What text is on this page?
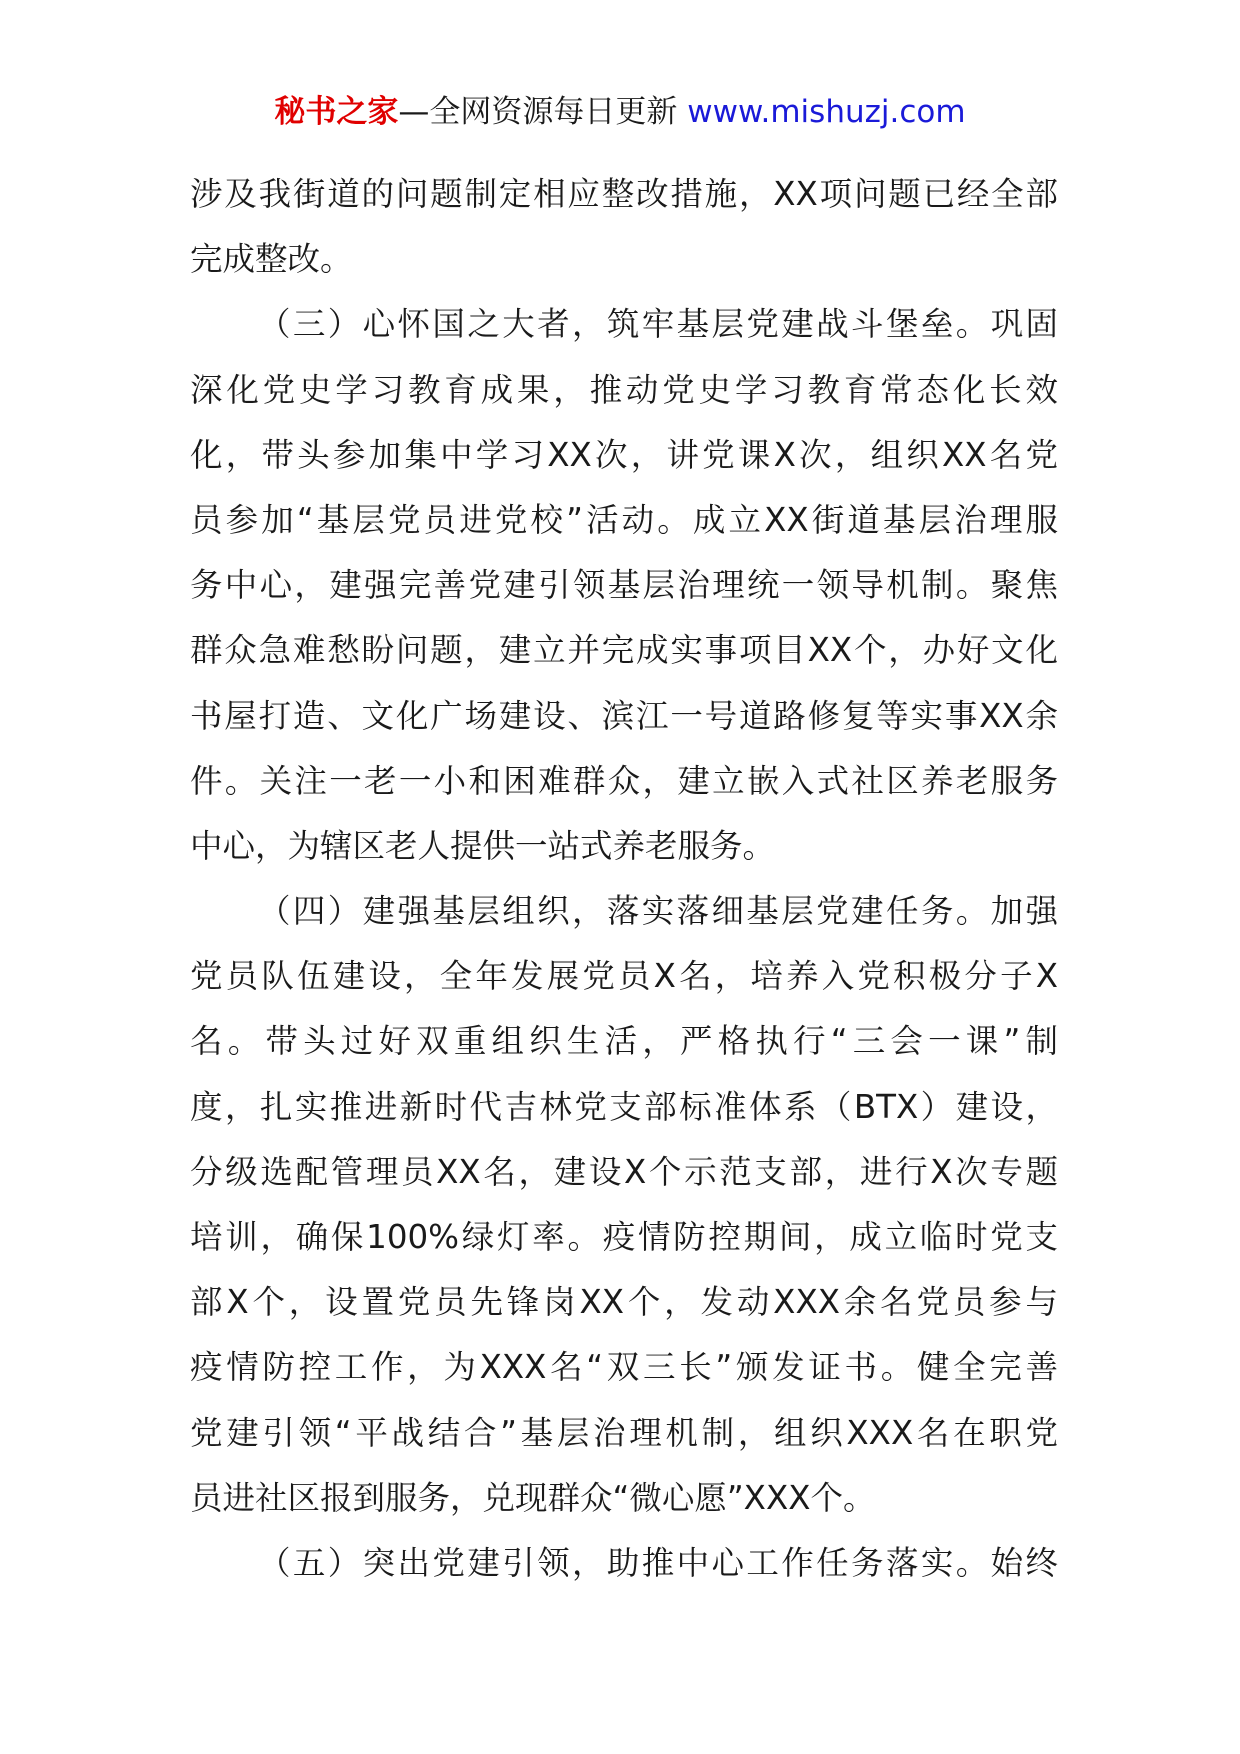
秘书之家—全网资源每日更新 www.mishuzj.com
涉及我街道的问题制定相应整改措施，XX项问题已经全部
完成整改。
（三）心怀国之大者，筑牢基层党建战斗堡垒。巩固
深化党史学习教育成果，推动党史学习教育常态化长效
化，带头参加集中学习XX次，讲党课X次，组织XX名党
员参加“基层党员进党校”活动。成立XX街道基层治理服
务中心，建强完善党建引领基层治理统一领导机制。聚焦
群众急难愁盼问题，建立并完成实事项目XX个，办好文化
书屋打造、文化广场建设、滨江一号道路修复等实事XX余
件。关注一老一小和困难群众，建立嵌入式社区养老服务
中心，为辖区老人提供一站式养老服务。
（四）建强基层组织，落实落细基层党建任务。加强
党员队伍建设，全年发展党员X名，培养入党积极分子X
名。带头过好双重组织生活，严格执行“三会一课”制
度，扎实推进新时代吉林党支部标准体系（BTX）建设，
分级选配管理员XX名，建设X个示范支部，进行X次专题
培训，确保100%绿灯率。疫情防控期间，成立临时党支
部X个，设置党员先锋岗XX个，发动XXX余名党员参与
疫情防控工作，为XXX名“双三长”颁发证书。健全完善
党建引领“平战结合”基层治理机制，组织XXX名在职党
员进社区报到服务，兑现群众“微心愿”XXX个。
（五）突出党建引领，助推中心工作任务落实。始终
